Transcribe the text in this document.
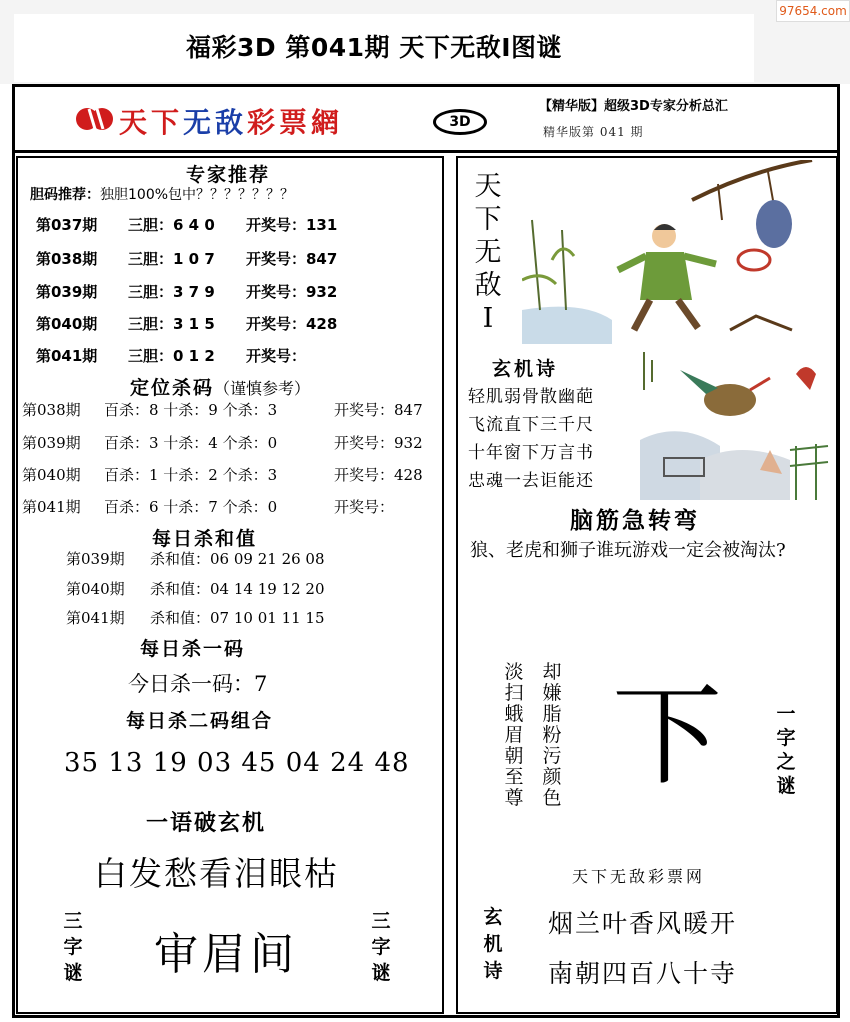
福彩3D 第041期 天下无敌Ⅰ图谜
97654.com
天下无敌彩票網	3D
【精华版】超级3D专家分析总汇
精华版第 041 期
专家推荐
胆码推荐：独胆100%包中？？？？？？？
第037期 三胆：6 4 0 开奖号：131
第038期 三胆：1 0 7 开奖号：847
第039期 三胆：3 7 9 开奖号：932
第040期 三胆：3 1 5 开奖号：428
第041期 三胆：0 1 2 开奖号：
定位杀码（谨慎参考）
第038期 百杀：8 十杀：9 个杀：3	开奖号：847
第039期 百杀：3 十杀：4 个杀：0	开奖号：932
第040期 百杀：1 十杀：2 个杀：3	开奖号：428
第041期 百杀：6 十杀：7 个杀：0	开奖号：
每日杀和值
第039期 杀和值：06 09 21 26 08
第040期 杀和值：04 14 19 12 20
第041期 杀和值：07 10 01 11 15
每日杀一码
今日杀一码：7
每日杀二码组合
35 13 19 03 45 04 24 48
一语破玄机
白发愁看泪眼枯
三字谜 审眉间
三字谜
天下无敌Ⅰ
玄机诗
轻肌弱骨散幽葩
飞流直下三千尺
十年窗下万言书
忠魂一去讵能还
脑筋急转弯
狼、老虎和狮子谁玩游戏一定会被淘汰?
淡扫蛾眉朝至尊
却嫌脂粉污颜色 下	一字之谜
天下无敌彩票网
玄机诗
烟兰叶香风暖开
南朝四百八十寺
